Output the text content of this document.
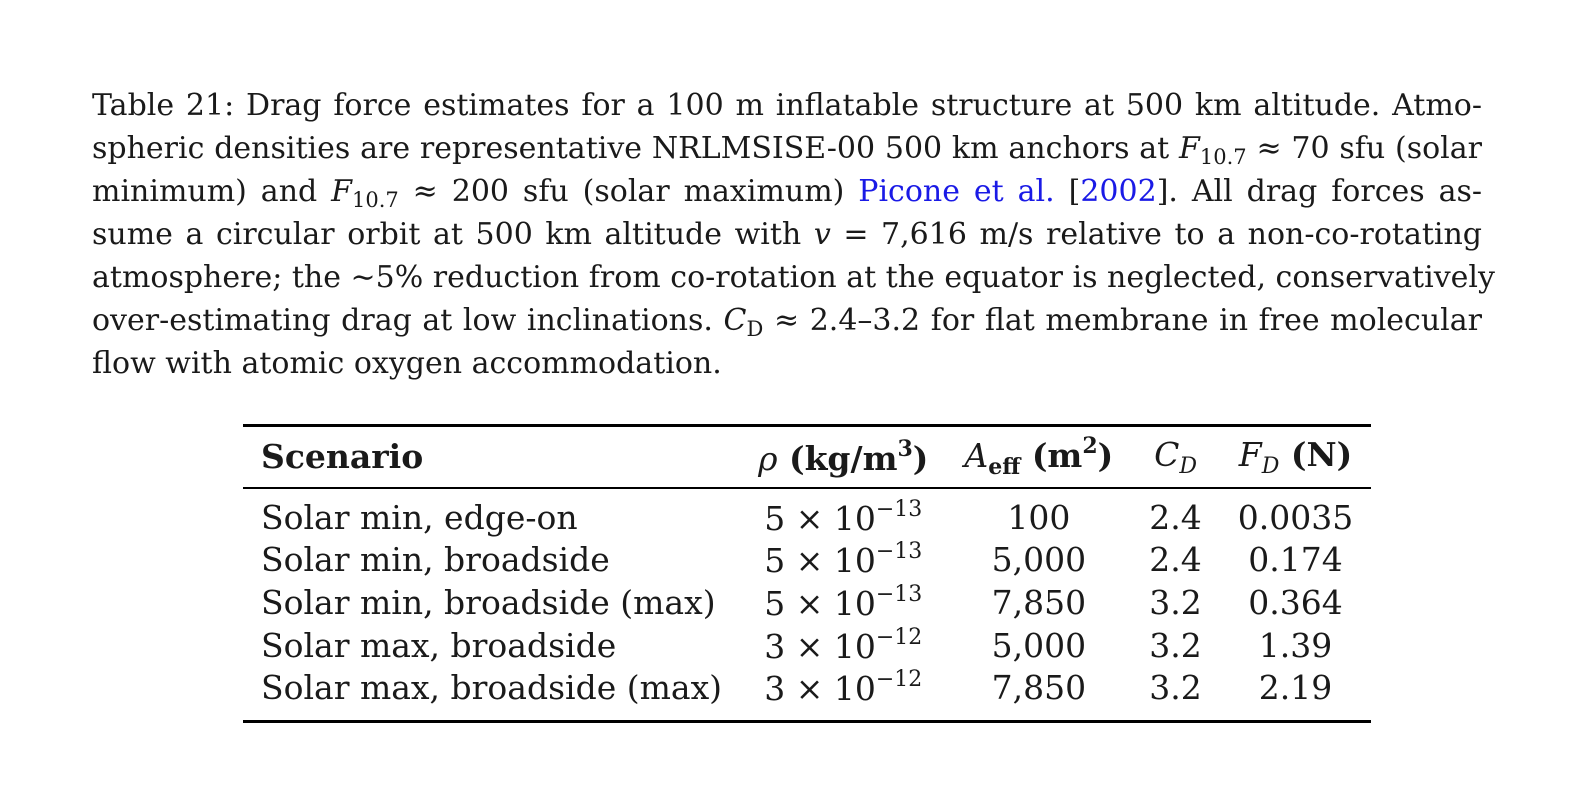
Table 21: Drag force estimates for a 100 m inflatable structure at 500 km altitude. Atmo-
spheric densities are representative NRLMSISE-00 500 km anchors at $F_{10.7} \approx 70$ sfu (solar
minimum) and $F_{10.7} \approx 200$ sfu (solar maximum) Picone et al. [2002]. All drag forces as-
sume a circular orbit at 500 km altitude with v = 7,616 m/s relative to a non-co-rotating
atmosphere; the ∼5% reduction from co-rotation at the equator is neglected, conservatively
over-estimating drag at low inclinations. $C_D \approx 2.4-3.2$ for flat membrane in free molecular
flow with atomic oxygen accommodation.
Scenario	ρ $(kg/m^3)$	$A_{eff}$ $(m^2)$	$C_D$	$F_D$ (N)
Solar min, edge-on	$5 \times 10^{-13}$	100	2.4	0.0035
Solar min, broadside	$5 \times 10^{-13}$	5,000	2.4	0.174
Solar min, broadside (max)	$5 \times 10^{-13}$	7,850	3.2	0.364
Solar max, broadside	$3 \times 10^{-12}$	5,000	3.2	1.39
Solar max, broadside (max)	$3 \times 10^{-12}$	7,850	3.2	2.19
